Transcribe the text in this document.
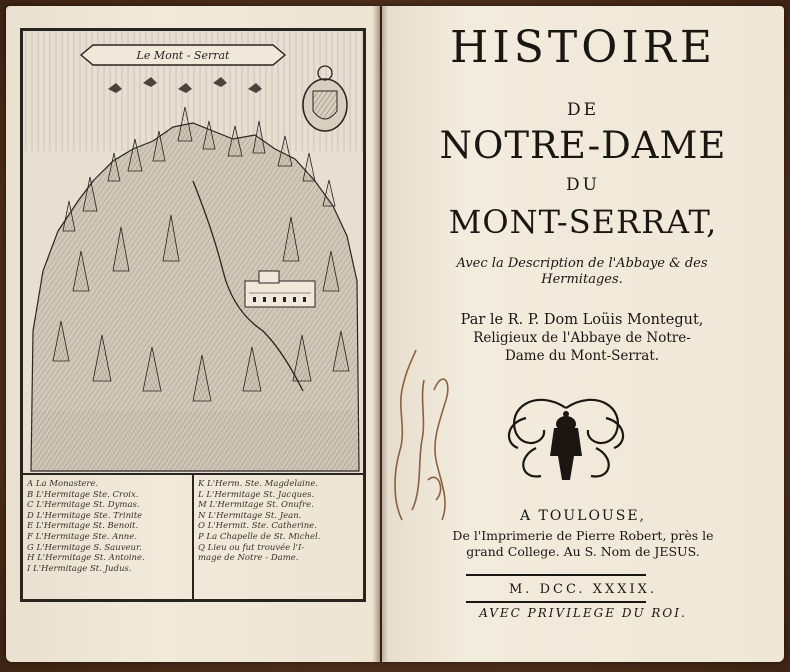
Le Mont - Serrat
A La Monastere.
B L'Hermitage Ste. Croix.
C L'Hermitage St. Dymas.
D L'Hermitage Ste. Trinite
E L'Hermitage St. Benoit.
F L'Hermitage Ste. Anne.
G L'Hermitage S. Sauveur.
H L'Hermitage St. Antoine.
I L'Hermitage St. Judus.
K L'Herm. Ste. Magdelaine.
L L'Hermitage St. Jacques.
M L'Hermitage St. Onufre.
N L'Hermitage St. Jean.
O L'Hermit. Ste. Catherine.
P La Chapelle de St. Michel.
Q Lieu ou fut trouvée l'I-
mage de Notre - Dame.
HISTOIRE
DE
NOTRE-DAME
DU
MONT-SERRAT,
Avec la Description de l'Abbaye & des
Hermitages.
Par le R. P. Dom Loüis Montegut,
Religieux de l'Abbaye de Notre-
Dame du Mont-Serrat.
A TOULOUSE,
De l'Imprimerie de Pierre Robert, près le
grand College. Au S. Nom de JESUS.
M. DCC. XXXIX.
AVEC PRIVILEGE DU ROI.
